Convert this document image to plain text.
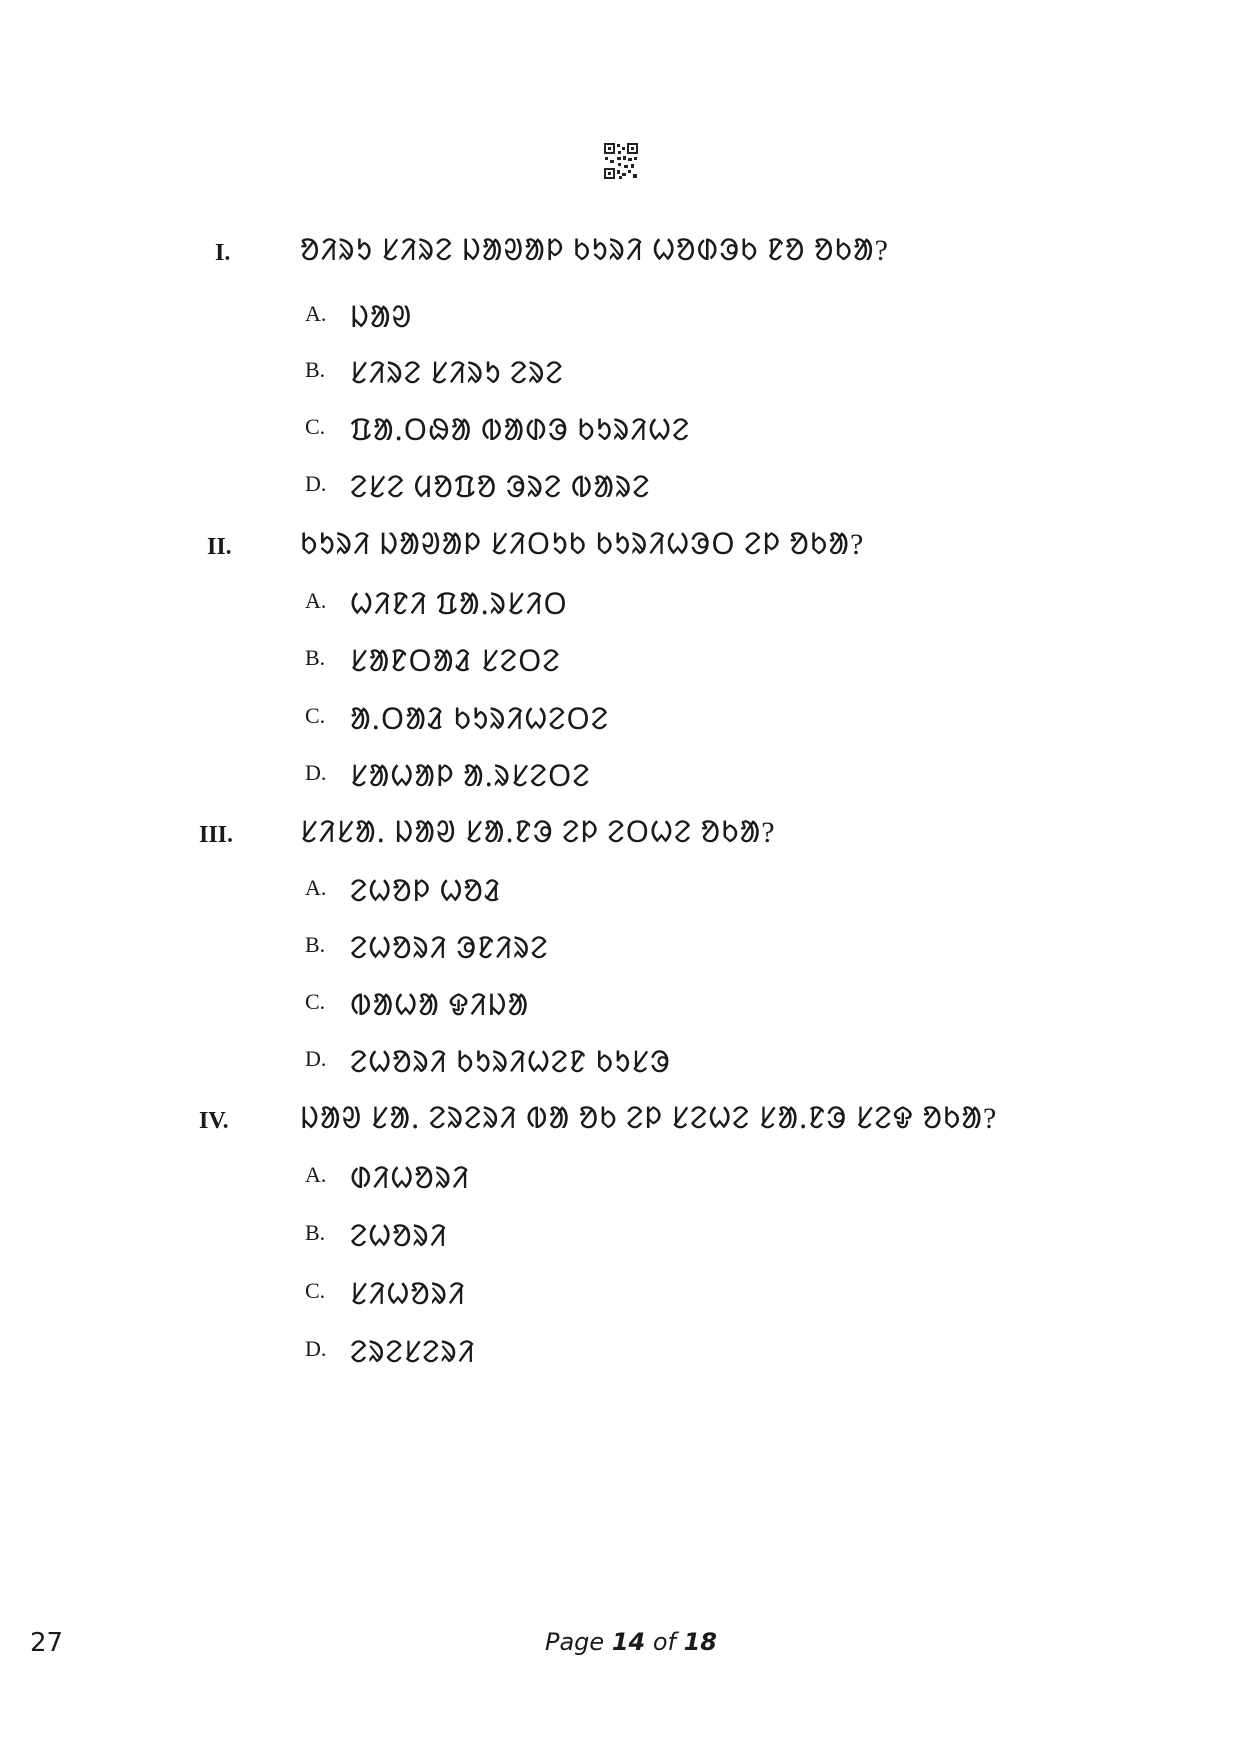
I. ᱚᱤᱨᱩ ᱥᱤᱨᱮ ᱡᱟᱣᱟᱞ ᱠᱩᱨᱤ ᱦᱚᱰᱳᱠ ᱱᱚ ᱚᱠᱟ?
A. ᱡᱟᱣ
B. ᱥᱤᱨᱮ ᱥᱤᱨᱩ ᱮᱨᱮ
C. ᱯᱟᱹᱛᱷᱟ ᱵᱟᱰᱳ ᱠᱩᱨᱤᱦᱮ
D. ᱮᱥᱮ ᱢᱚᱯᱚ ᱳᱨᱮ ᱵᱟᱨᱮ
II. ᱠᱩᱨᱤ ᱡᱟᱣᱟᱞ ᱥᱤᱛᱩᱠ ᱠᱩᱨᱤᱦᱳᱛ ᱮᱞ ᱚᱠᱟ?
A. ᱦᱤᱱᱤ ᱯᱟᱹᱨᱥᱤᱛ
B. ᱥᱟᱱᱛᱟᱲ ᱥᱮᱛᱮ
C. ᱟᱹᱛᱟᱲ ᱠᱩᱨᱤᱦᱮᱛᱮ
D. ᱥᱟᱦᱟᱞ ᱟᱹᱨᱥᱮᱛᱮ
III. ᱥᱤᱥᱟᱹ ᱡᱟᱣ ᱥᱟᱹᱱᱳ ᱮᱞ ᱮᱛᱦᱮ ᱚᱠᱟ?
A. ᱮᱦᱚᱞ ᱦᱚᱲ
B. ᱮᱦᱚᱨᱤ ᱳᱱᱤᱨᱮ
C. ᱵᱟᱦᱟ ᱫᱤᱡᱟ
D. ᱮᱦᱚᱨᱤ ᱠᱩᱨᱤᱦᱮᱱ ᱠᱩᱥᱳ
IV. ᱡᱟᱣ ᱥᱟᱹ ᱮᱨᱮᱨᱤ ᱵᱟ ᱚᱠ ᱮᱞ ᱥᱮᱦᱮ ᱥᱟᱹᱱᱳ ᱥᱮᱫ ᱚᱠᱟ?
A. ᱰᱤᱦᱚᱨᱤ
B. ᱮᱦᱚᱨᱤ
C. ᱥᱤᱦᱚᱨᱤ
D. ᱮᱨᱮᱥᱮᱨᱤ
27	Page 14 of 18
